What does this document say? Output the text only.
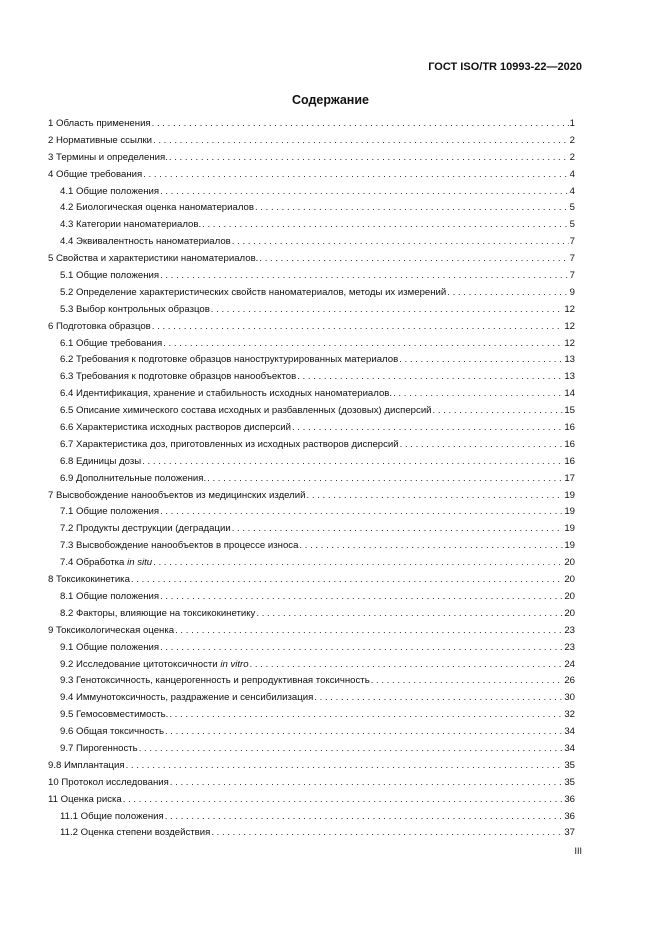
ГОСТ ISO/TR 10993-22—2020
Содержание
1 Область применения . . .	1
2 Нормативные ссылки . . .	2
3 Термины и определения. . . .	2
4 Общие требования . . .	4
4.1 Общие положения . . .	4
4.2 Биологическая оценка наноматериалов . . .	5
4.3 Категории наноматериалов. . . .	5
4.4 Эквивалентность наноматериалов . . .	7
5 Свойства и характеристики наноматериалов. . . .	7
5.1 Общие положения . . .	7
5.2 Определение характеристических свойств наноматериалов, методы их измерений . . .	9
5.3 Выбор контрольных образцов . . .	12
6 Подготовка образцов . . .	12
6.1 Общие требования . . .	12
6.2 Требования к подготовке образцов наноструктурированных материалов . . .	13
6.3 Требования к подготовке образцов нанообъектов . . .	13
6.4 Идентификация, хранение и стабильность исходных наноматериалов. . . .	14
6.5 Описание химического состава исходных и разбавленных (дозовых) дисперсий . . .	15
6.6 Характеристика исходных растворов дисперсий . . .	16
6.7 Характеристика доз, приготовленных из исходных растворов дисперсий . . .	16
6.8 Единицы дозы . . .	16
6.9 Дополнительные положения. . . .	17
7 Высвобождение нанообъектов из медицинских изделий . . .	19
7.1 Общие положения . . .	19
7.2 Продукты деструкции (деградации . . .	19
7.3 Высвобождение нанообъектов в процессе износа . . .	19
7.4 Обработка in situ . . .	20
8 Токсикокинетика . . .	20
8.1 Общие положения . . .	20
8.2 Факторы, влияющие на токсикокинетику . . .	20
9 Токсикологическая оценка . . .	23
9.1 Общие положения . . .	23
9.2 Исследование цитотоксичности in vitro . . .	24
9.3 Генотоксичность, канцерогенность и репродуктивная токсичность . . .	26
9.4 Иммунотоксичность, раздражение и сенсибилизация . . .	30
9.5 Гемосовместимость. . . .	32
9.6 Общая токсичность . . .	34
9.7 Пирогенность . . .	34
9.8 Имплантация . . .	35
10 Протокол исследования . . .	35
11 Оценка риска . . .	36
11.1 Общие положения . . .	36
11.2 Оценка степени воздействия . . .	37
III
